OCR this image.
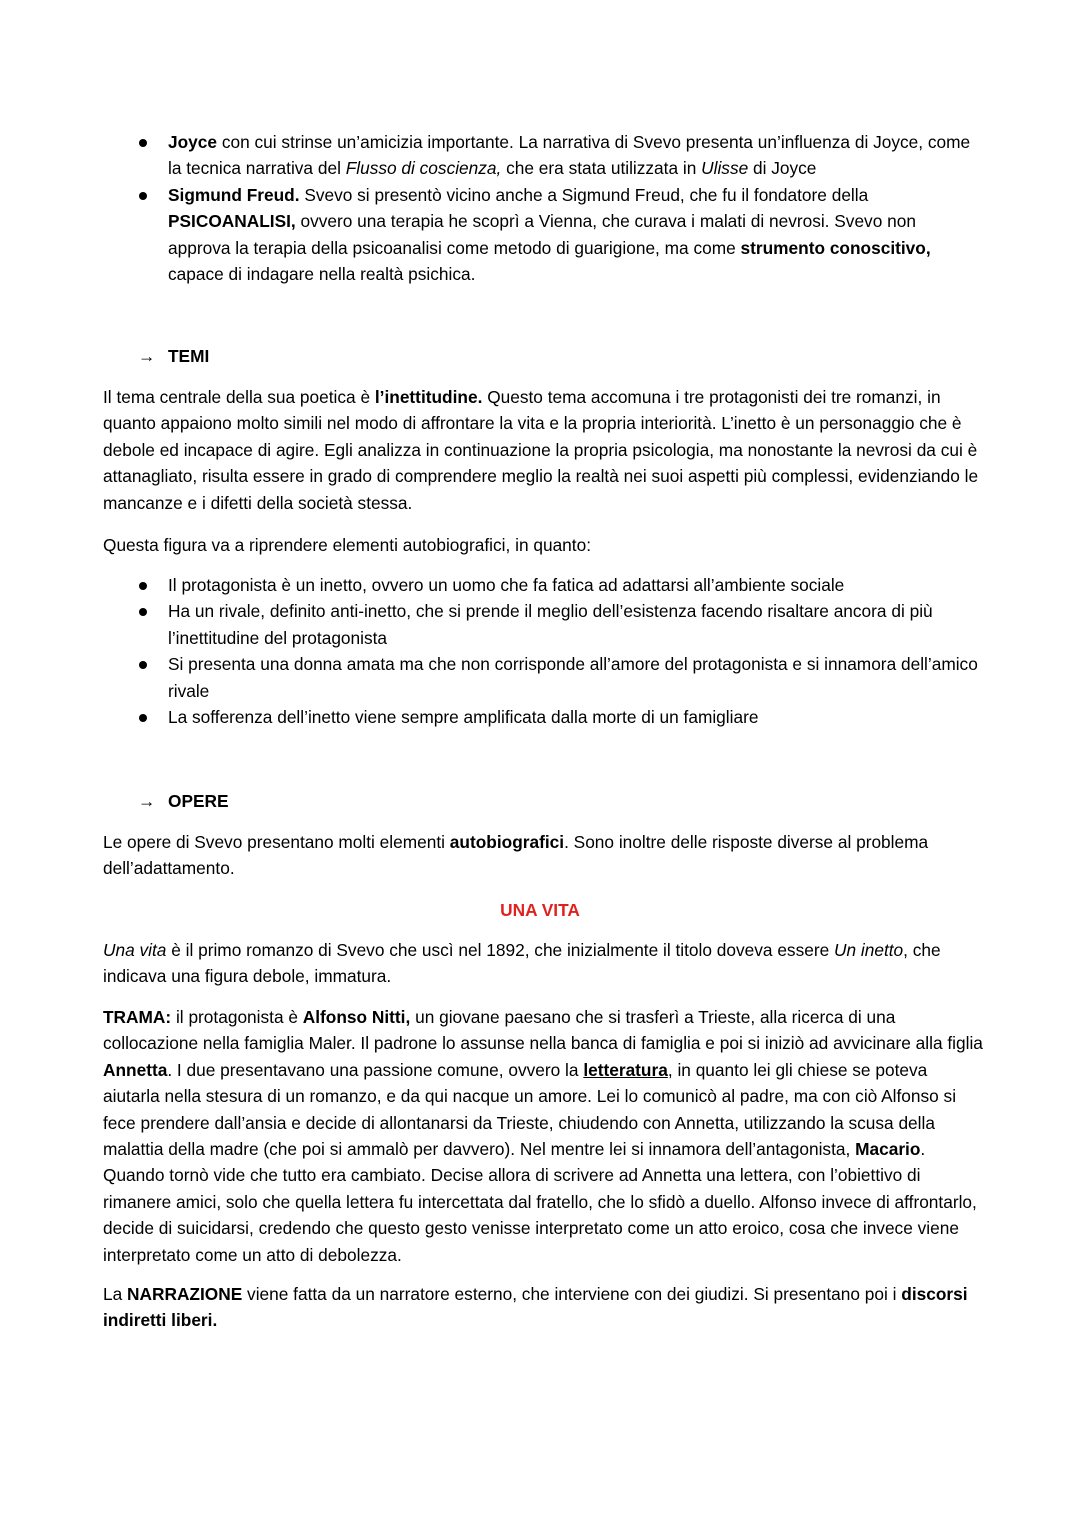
Joyce con cui strinse un’amicizia importante. La narrativa di Svevo presenta un’influenza di Joyce, come la tecnica narrativa del Flusso di coscienza, che era stata utilizzata in Ulisse di Joyce
Sigmund Freud. Svevo si presentò vicino anche a Sigmund Freud, che fu il fondatore della PSICOANALISI, ovvero una terapia he scoprì a Vienna, che curava i malati di nevrosi. Svevo non approva la terapia della psicoanalisi come metodo di guarigione, ma come strumento conoscitivo, capace di indagare nella realtà psichica.
→ TEMI

Il tema centrale della sua poetica è l’inettitudine. Questo tema accomuna i tre protagonisti dei tre romanzi, in quanto appaiono molto simili nel modo di affrontare la vita e la propria interiorità. L’inetto è un personaggio che è debole ed incapace di agire. Egli analizza in continuazione la propria psicologia, ma nonostante la nevrosi da cui è attanagliato, risulta essere in grado di comprendere meglio la realtà nei suoi aspetti più complessi, evidenziando le mancanze e i difetti della società stessa.

Questa figura va a riprendere elementi autobiografici, in quanto:

Il protagonista è un inetto, ovvero un uomo che fa fatica ad adattarsi all’ambiente sociale
Ha un rivale, definito anti-inetto, che si prende il meglio dell’esistenza facendo risaltare ancora di più l’inettitudine del protagonista
Si presenta una donna amata ma che non corrisponde all’amore del protagonista e si innamora dell’amico rivale
La sofferenza dell’inetto viene sempre amplificata dalla morte di un famigliare
→ OPERE

Le opere di Svevo presentano molti elementi autobiografici. Sono inoltre delle risposte diverse al problema dell’adattamento.

UNA VITA

Una vita è il primo romanzo di Svevo che uscì nel 1892, che inizialmente il titolo doveva essere Un inetto, che indicava una figura debole, immatura.

TRAMA: il protagonista è Alfonso Nitti, un giovane paesano che si trasferì a Trieste, alla ricerca di una collocazione nella famiglia Maler. Il padrone lo assunse nella banca di famiglia e poi si iniziò ad avvicinare alla figlia Annetta. I due presentavano una passione comune, ovvero la letteratura, in quanto lei gli chiese se poteva aiutarla nella stesura di un romanzo, e da qui nacque un amore. Lei lo comunicò al padre, ma con ciò Alfonso si fece prendere dall’ansia e decide di allontanarsi da Trieste, chiudendo con Annetta, utilizzando la scusa della malattia della madre (che poi si ammalò per davvero). Nel mentre lei si innamora dell’antagonista, Macario. Quando tornò vide che tutto era cambiato. Decise allora di scrivere ad Annetta una lettera, con l’obiettivo di rimanere amici, solo che quella lettera fu intercettata dal fratello, che lo sfidò a duello. Alfonso invece di affrontarlo, decide di suicidarsi, credendo che questo gesto venisse interpretato come un atto eroico, cosa che invece viene interpretato come un atto di debolezza.

La NARRAZIONE viene fatta da un narratore esterno, che interviene con dei giudizi. Si presentano poi i discorsi indiretti liberi.
